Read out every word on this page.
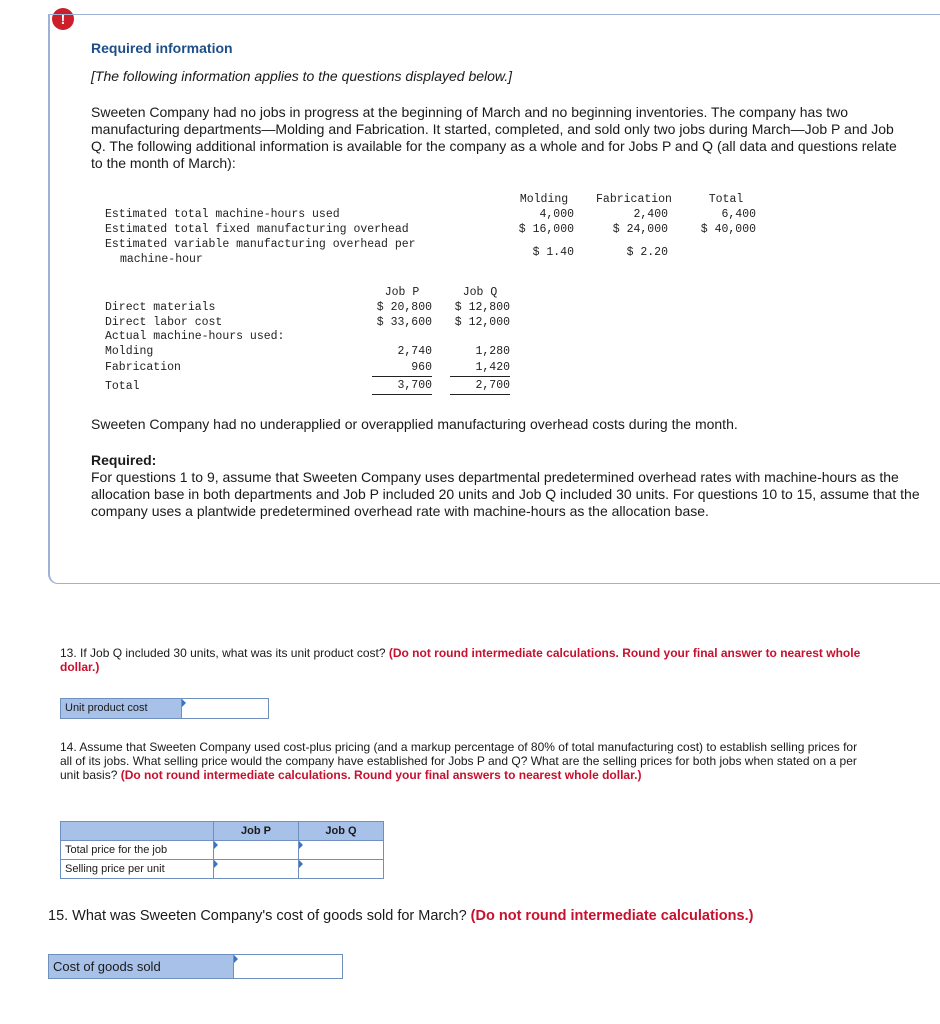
!
Required information

[The following information applies to the questions displayed below.]

Sweeten Company had no jobs in progress at the beginning of March and no beginning inventories. The company has two manufacturing departments—Molding and Fabrication. It started, completed, and sold only two jobs during March—Job P and Job Q. The following additional information is available for the company as a whole and for Jobs P and Q (all data and questions relate to the month of March):

Molding	Fabrication	Total
Estimated total machine-hours used	4,000	2,400	6,400
Estimated total fixed manufacturing overhead	$ 16,000	$ 24,000	$ 40,000
Estimated variable manufacturing overhead per
machine-hour
$ 1.40	$ 2.20
Job P	Job Q
Direct materials	$ 20,800	$ 12,800
Direct labor cost	$ 33,600	$ 12,000
Actual machine-hours used:
Molding	2,740	1,280
Fabrication	960	1,420
Total	3,700	2,700

Sweeten Company had no underapplied or overapplied manufacturing overhead costs during the month.

Required:

For questions 1 to 9, assume that Sweeten Company uses departmental predetermined overhead rates with machine-hours as the allocation base in both departments and Job P included 20 units and Job Q included 30 units. For questions 10 to 15, assume that the company uses a plantwide predetermined overhead rate with machine-hours as the allocation base.

13. If Job Q included 30 units, what was its unit product cost? (Do not round intermediate calculations. Round your final answer to nearest whole dollar.)

Unit product cost

14. Assume that Sweeten Company used cost-plus pricing (and a markup percentage of 80% of total manufacturing cost) to establish selling prices for all of its jobs. What selling price would the company have established for Jobs P and Q? What are the selling prices for both jobs when stated on a per unit basis? (Do not round intermediate calculations. Round your final answers to nearest whole dollar.)

Job P	Job Q
Total price for the job
Selling price per unit

15. What was Sweeten Company's cost of goods sold for March? (Do not round intermediate calculations.)

Cost of goods sold
